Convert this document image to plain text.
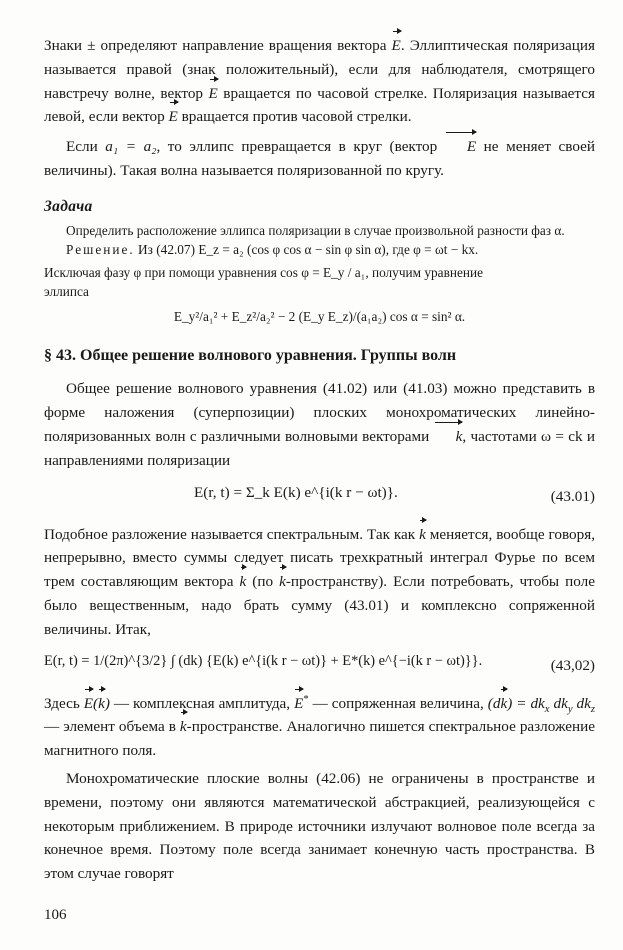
Знаки ± определяют направление вращения вектора E. Эллиптическая поляризация называется правой (знак положительный), если для наблюдателя, смотрящего навстречу волне, вектор E вращается по часовой стрелке. Поляризация называется левой, если вектор E вращается против часовой стрелки.

Если a₁ = a₂, то эллипс превращается в круг (вектор E не меняет своей величины). Такая волна называется поляризованной по кругу.

Задача

Определить расположение эллипса поляризации в случае произвольной разности фаз α.

Решение. Из (42.07) E_z = a₂ (cos φ cos α − sin φ sin α), где φ = ωt − kx.

Исключая фазу φ при помощи уравнения cos φ = E_y / a₁, получим уравнение

эллипса

E_y²/a₁² + E_z²/a₂² − 2 (E_y E_z)/(a₁a₂) cos α = sin² α.
§ 43. Общее решение волнового уравнения. Группы волн

Общее решение волнового уравнения (41.02) или (41.03) можно представить в форме наложения (суперпозиции) плоских монохроматических линейно-поляризованных волн с различными волновыми векторами k, частотами ω = ck и направлениями поляризации

E(r, t) = Σ_k E(k) e^{i(k r − ωt)}.	(43.01)

Подобное разложение называется спектральным. Так как k меняется, вообще говоря, непрерывно, вместо суммы следует писать трехкратный интеграл Фурье по всем трем составляющим вектора k (по k-пространству). Если потребовать, чтобы поле было вещественным, надо брать сумму (43.01) и комплексно сопряженной величины. Итак,

E(r, t) = 1/(2π)^{3/2} ∫ (dk) {E(k) e^{i(k r − ωt)} + E*(k) e^{−i(k r − ωt)}}.	(43,02)

Здесь E(k) — комплексная амплитуда, E* — сопряженная величина, $(dk) = dk_x$ $dk_y$ $dk_z$ — элемент объема в k-пространстве. Аналогично пишется спектральное разложение магнитного поля.

Монохроматические плоские волны (42.06) не ограничены в пространстве и времени, поэтому они являются математической абстракцией, реализующейся с некоторым приближением. В природе источники излучают волновое поле всегда за конечное время. Поэтому поле всегда занимает конечную часть пространства. В этом случае говорят

106
